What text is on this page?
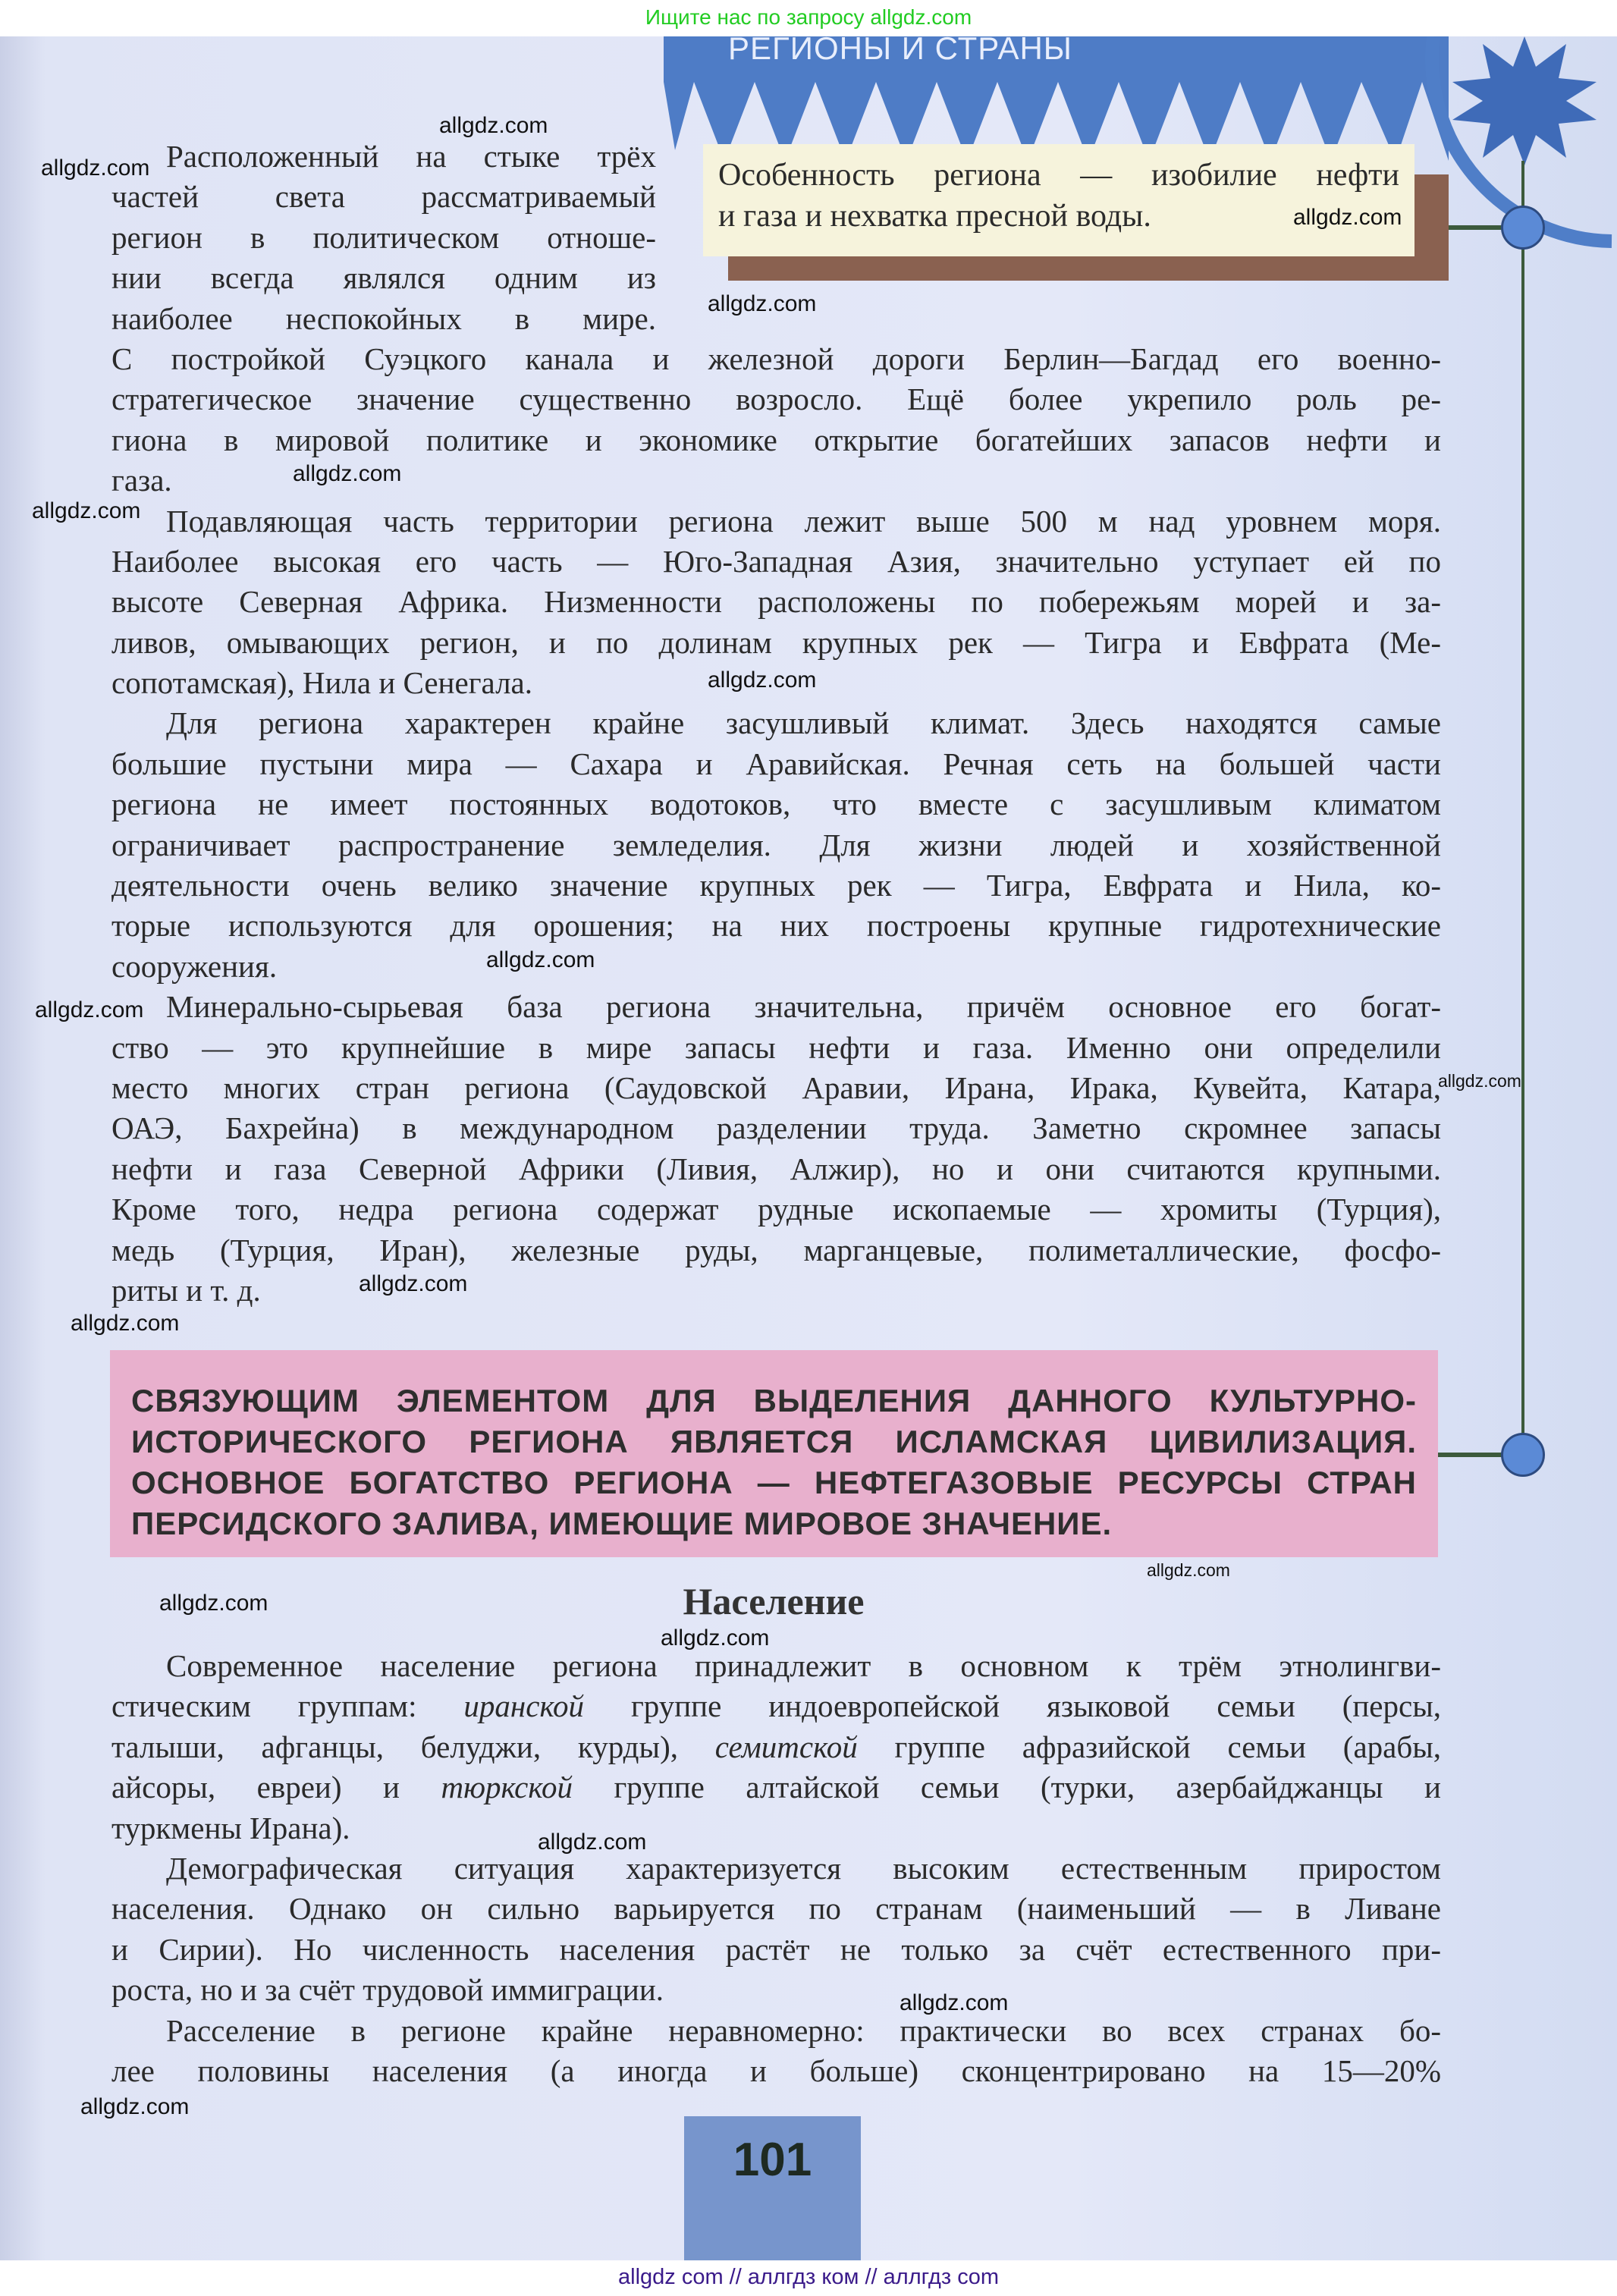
Ищите нас по запросу allgdz.com
РЕГИОНЫ И СТРАНЫ
Особенность региона — изобилие нефти
и газа и нехватка пресной воды.
Расположенный на стыке трёх
частей света рассматриваемый
регион в политическом отноше-
нии всегда являлся одним из
наиболее неспокойных в мире.
С постройкой Суэцкого канала и железной дороги Берлин—Багдад его военно-
стратегическое значение существенно возросло. Ещё более укрепило роль ре-
гиона в мировой политике и экономике открытие богатейших запасов нефти и
газа.
Подавляющая часть территории региона лежит выше 500 м над уровнем моря.
Наиболее высокая его часть — Юго-Западная Азия, значительно уступает ей по
высоте Северная Африка. Низменности расположены по побережьям морей и за-
ливов, омывающих регион, и по долинам крупных рек — Тигра и Евфрата (Ме-
сопотамская), Нила и Сенегала.
Для региона характерен крайне засушливый климат. Здесь находятся самые
большие пустыни мира — Сахара и Аравийская. Речная сеть на большей части
региона не имеет постоянных водотоков, что вместе с засушливым климатом
ограничивает распространение земледелия. Для жизни людей и хозяйственной
деятельности очень велико значение крупных рек — Тигра, Евфрата и Нила, ко-
торые используются для орошения; на них построены крупные гидротехнические
сооружения.
Минерально-сырьевая база региона значительна, причём основное его богат-
ство — это крупнейшие в мире запасы нефти и газа. Именно они определили
место многих стран региона (Саудовской Аравии, Ирана, Ирака, Кувейта, Катара,
ОАЭ, Бахрейна) в международном разделении труда. Заметно скромнее запасы
нефти и газа Северной Африки (Ливия, Алжир), но и они считаются крупными.
Кроме того, недра региона содержат рудные ископаемые — хромиты (Турция),
медь (Турция, Иран), железные руды, марганцевые, полиметаллические, фосфо-
риты и т. д.
СВЯЗУЮЩИМ ЭЛЕМЕНТОМ ДЛЯ ВЫДЕЛЕНИЯ ДАННОГО КУЛЬТУРНО-
ИСТОРИЧЕСКОГО РЕГИОНА ЯВЛЯЕТСЯ ИСЛАМСКАЯ ЦИВИЛИЗАЦИЯ.
ОСНОВНОЕ БОГАТСТВО РЕГИОНА — НЕФТЕГАЗОВЫЕ РЕСУРСЫ СТРАН
ПЕРСИДСКОГО ЗАЛИВА, ИМЕЮЩИЕ МИРОВОЕ ЗНАЧЕНИЕ.
Население
Современное население региона принадлежит в основном к трём этнолингви-
стическим группам: иранской группе индоевропейской языковой семьи (персы,
талыши, афганцы, белуджи, курды), семитской группе афразийской семьи (арабы,
айсоры, евреи) и тюркской группе алтайской семьи (турки, азербайджанцы и
туркмены Ирана).
Демографическая ситуация характеризуется высоким естественным приростом
населения. Однако он сильно варьируется по странам (наименьший — в Ливане
и Сирии). Но численность населения растёт не только за счёт естественного при-
роста, но и за счёт трудовой иммиграции.
Расселение в регионе крайне неравномерно: практически во всех странах бо-
лее половины населения (а иногда и больше) сконцентрировано на 15—20%
101
allgdz.com
allgdz.com
allgdz.com
allgdz.com
allgdz.com
allgdz.com
allgdz.com
allgdz.com
allgdz.com
allgdz.com
allgdz.com
allgdz.com
allgdz.com
allgdz.com
allgdz.com
allgdz.com
allgdz.com
allgdz.com
allgdz com // аллгдз ком // аллгдз com
